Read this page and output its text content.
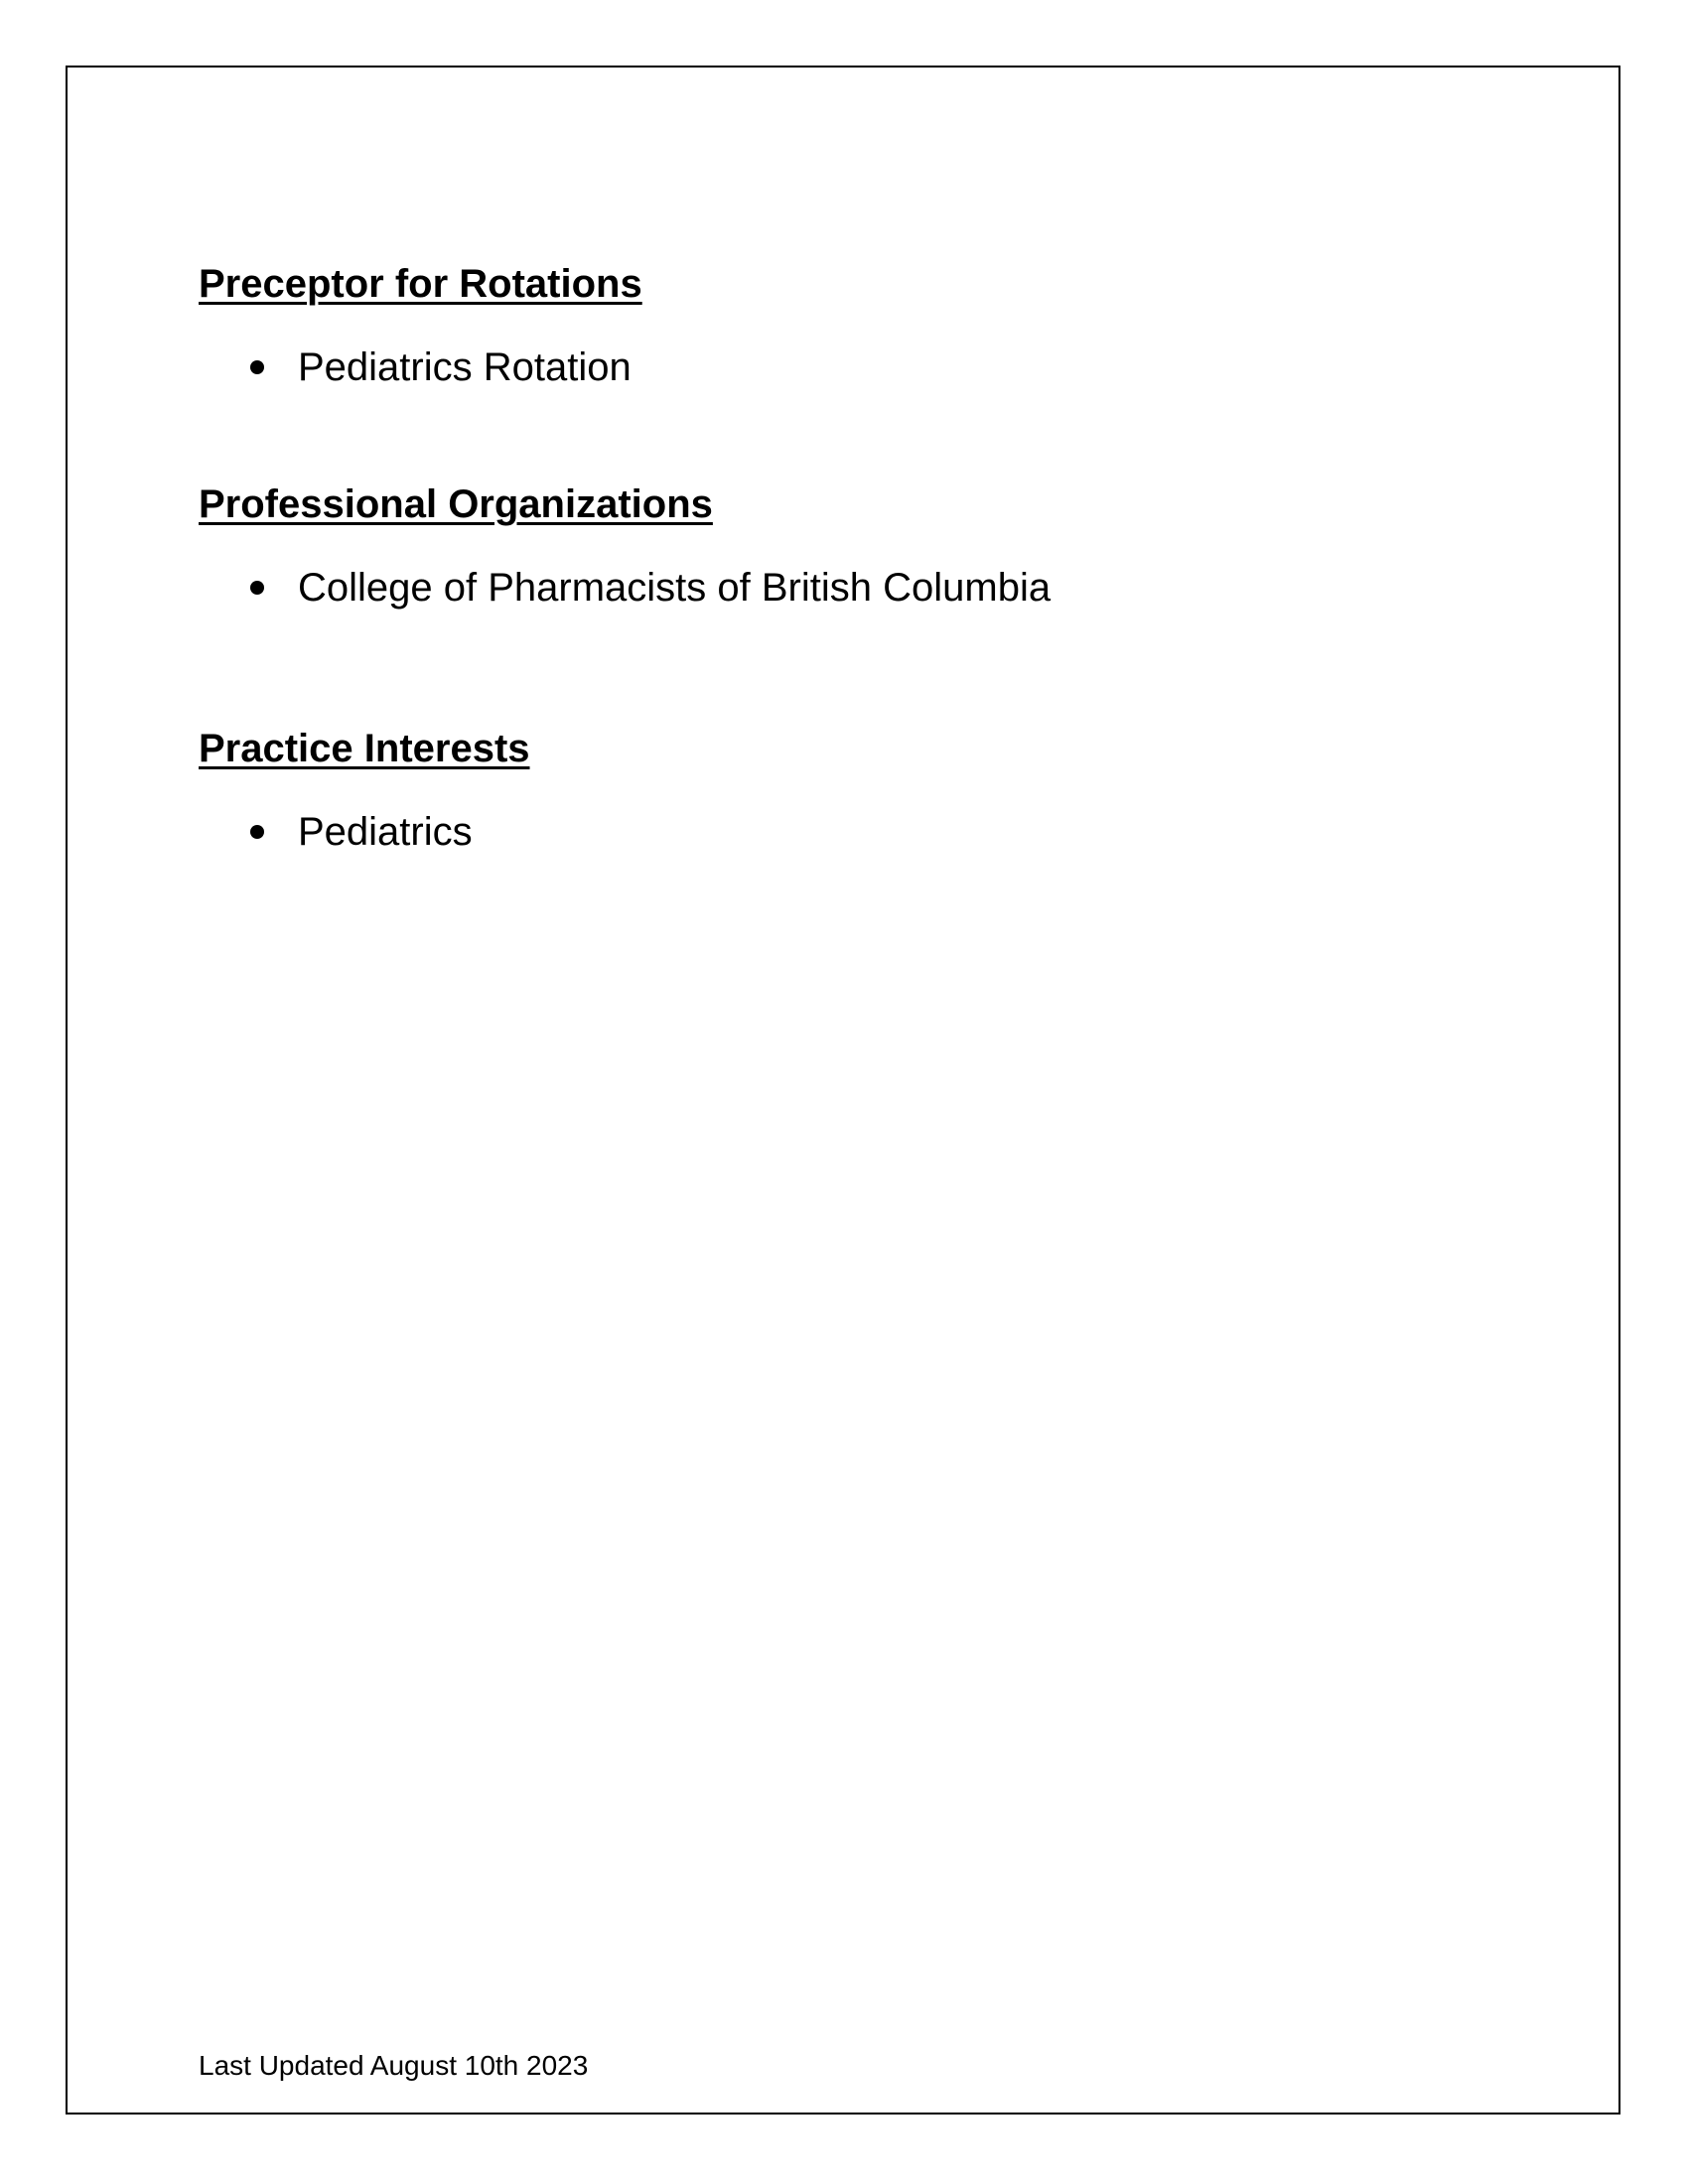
Preceptor for Rotations
Pediatrics Rotation
Professional Organizations
College of Pharmacists of British Columbia
Practice Interests
Pediatrics
Last Updated August 10th 2023
